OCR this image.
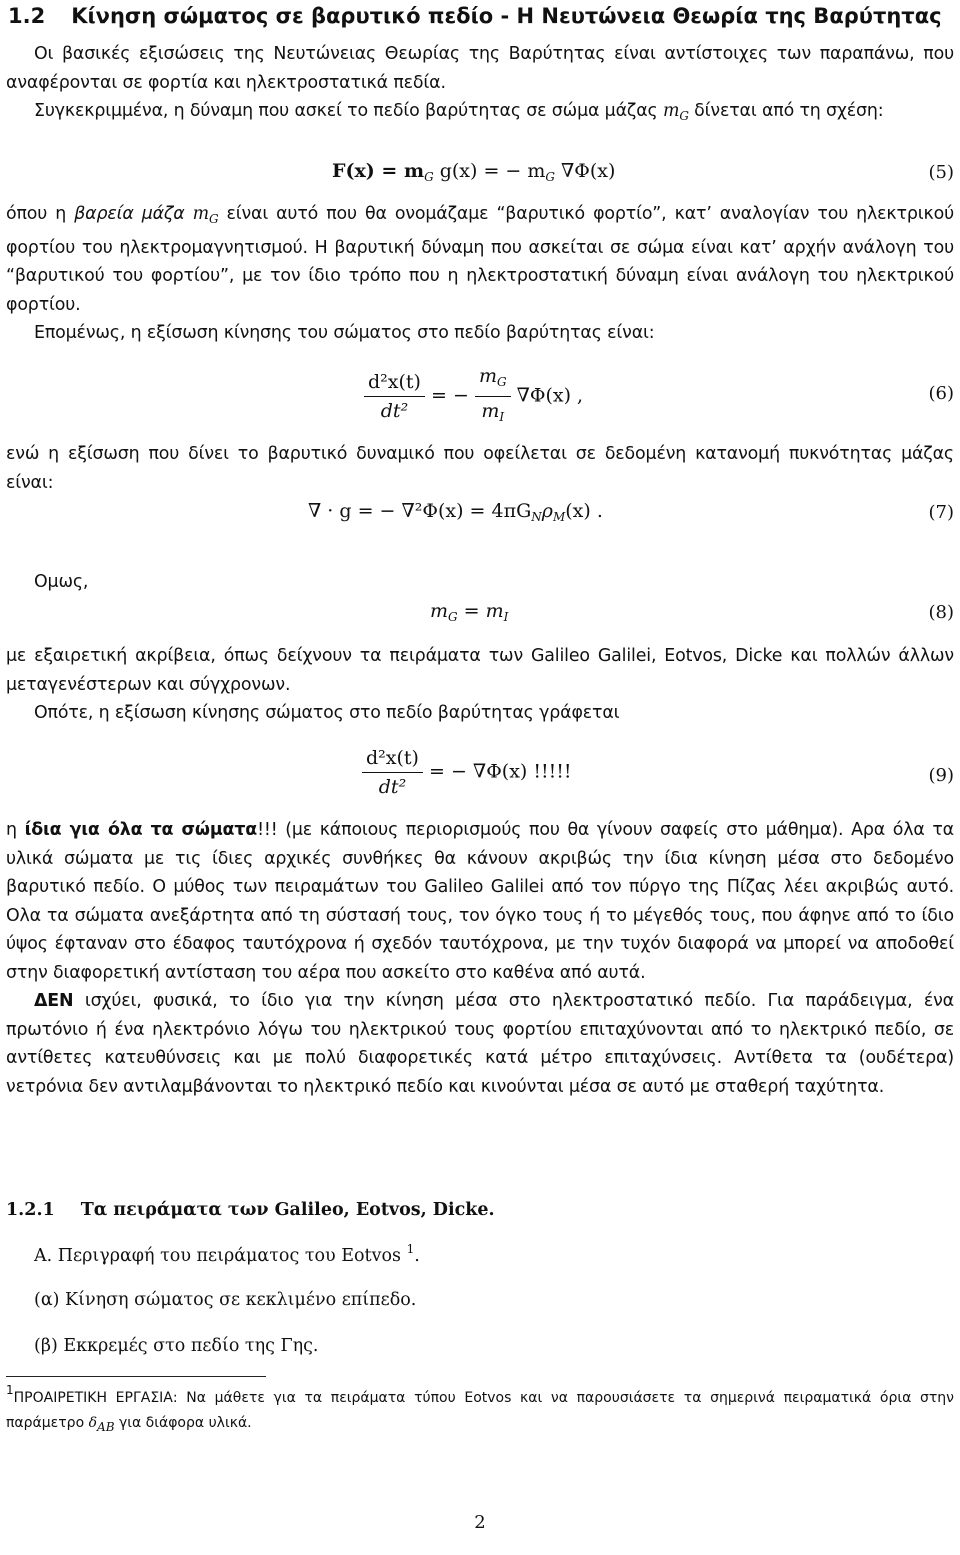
1.2 Κίνηση σώματος σε βαρυτικό πεδίο - Η Νευτώνεια Θεωρία της Βαρύτητας
Οι βασικές εξισώσεις της Νευτώνειας Θεωρίας της Βαρύτητας είναι αντίστοιχες των παραπάνω, που αναφέρονται σε φορτία και ηλεκτροστατικά πεδία.
Συγκεκριμμένα, η δύναμη που ασκεί το πεδίο βαρύτητας σε σώμα μάζας $m_G$ δίνεται από τη σχέση:
$F(x) = m_G$ g(x) = − $m_G$ ∇Φ(x)	(5)
όπου η βαρεία μάζα $m_G$ είναι αυτό που θα ονομάζαμε “βαρυτικό φορτίο”, κατ’ αναλογίαν του ηλεκτρικού φορτίου του ηλεκτρομαγνητισμού. Η βαρυτική δύναμη που ασκείται σε σώμα είναι κατ’ αρχήν ανάλογη του “βαρυτικού του φορτίου”, με τον ίδιο τρόπο που η ηλεκτροστατική δύναμη είναι ανάλογη του ηλεκτρικού φορτίου.
Επομένως, η εξίσωση κίνησης του σώματος στο πεδίο βαρύτητας είναι:
$\frac{\text{d²x(t)}}{\text{dt²}}$ = − $\frac{m_G}{m_I} \nabla\Phi(x)$ ,	(6)
ενώ η εξίσωση που δίνει το βαρυτικό δυναμικό που οφείλεται σε δεδομένη κατανομή πυκνότητας μάζας είναι:
∇ · g = − $\nabla^2\Phi(x) = 4\pi G_N\rho_M(x)$ .	(7)
Ομως,
$m_G = m_I$	(8)
με εξαιρετική ακρίβεια, όπως δείχνουν τα πειράματα των Galileo Galilei, Eotvos, Dicke και πολλών άλλων μεταγενέστερων και σύγχρονων.
Οπότε, η εξίσωση κίνησης σώματος στο πεδίο βαρύτητας γράφεται
$\frac{\text{d²x(t)}}{\text{dt²}}$ = − ∇Φ(x) !!!!!	(9)
η ίδια για όλα τα σώματα!!! (με κάποιους περιορισμούς που θα γίνουν σαφείς στο μάθημα). Αρα όλα τα υλικά σώματα με τις ίδιες αρχικές συνθήκες θα κάνουν ακριβώς την ίδια κίνηση μέσα στο δεδομένο βαρυτικό πεδίο. Ο μύθος των πειραμάτων του Galileo Galilei από τον πύργο της Πίζας λέει ακριβώς αυτό. Ολα τα σώματα ανεξάρτητα από τη σύστασή τους, τον όγκο τους ή το μέγεθός τους, που άφηνε από το ίδιο ύψος έφταναν στο έδαφος ταυτόχρονα ή σχεδόν ταυτόχρονα, με την τυχόν διαφορά να μπορεί να αποδοθεί στην διαφορετική αντίσταση του αέρα που ασκείτο στο καθένα από αυτά.
ΔΕΝ ισχύει, φυσικά, το ίδιο για την κίνηση μέσα στο ηλεκτροστατικό πεδίο. Για παράδειγμα, ένα πρωτόνιο ή ένα ηλεκτρόνιο λόγω του ηλεκτρικού τους φορτίου επιταχύνονται από το ηλεκτρικό πεδίο, σε αντίθετες κατευθύνσεις και με πολύ διαφορετικές κατά μέτρο επιταχύνσεις. Αντίθετα τα (ουδέτερα) νετρόνια δεν αντιλαμβάνονται το ηλεκτρικό πεδίο και κινούνται μέσα σε αυτό με σταθερή ταχύτητα.
1.2.1 Τα πειράματα των Galileo, Eotvos, Dicke.
Α. Περιγραφή του πειράματος του Eotvos $^1$.
(α) Κίνηση σώματος σε κεκλιμένο επίπεδο.
(β) Εκκρεμές στο πεδίο της Γης.
1ΠΡΟΑΙΡΕΤΙΚΗ ΕΡΓΑΣΙΑ: Να μάθετε για τα πειράματα τύπου Eotvos και να παρουσιάσετε τα σημερινά πειραματικά όρια στην παράμετρο δAB για διάφορα υλικά.
2
